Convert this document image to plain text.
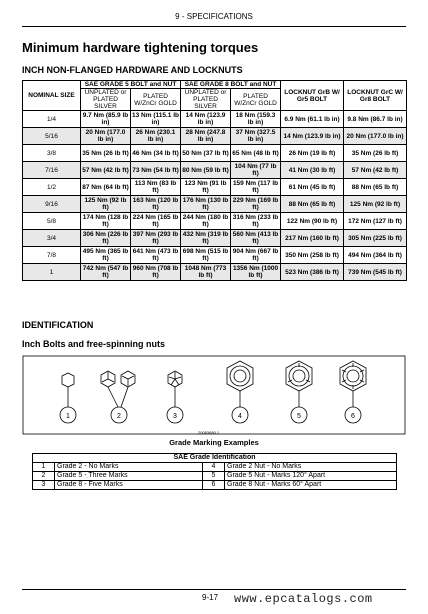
9 - SPECIFICATIONS
Minimum hardware tightening torques
INCH NON-FLANGED HARDWARE AND LOCKNUTS
NOMINAL SIZE	SAE GRADE 5 BOLT and NUT		SAE GRADE 8 BOLT and NUT		LOCKNUT GrB W/ Gr5 BOLT	LOCKNUT GrC W/ Gr8 BOLT
	UNPLATED or PLATED SILVER	PLATED W/ZnCr GOLD	UNPLATED or PLATED SILVER	PLATED W/ZnCr GOLD		
1/4	9.7 Nm (85.9 lb in)	13 Nm (115.1 lb in)	14 Nm (123.9 lb in)	18 Nm (159.3 lb in)	6.9 Nm (61.1 lb in)	9.8 Nm (86.7 lb in)
5/16	20 Nm (177.0 lb in)	26 Nm (230.1 lb in)	28 Nm (247.8 lb in)	37 Nm (327.5 lb in)	14 Nm (123.9 lb in)	20 Nm (177.0 lb in)
3/8	35 Nm (26 lb ft)	46 Nm (34 lb ft)	50 Nm (37 lb ft)	65 Nm (48 lb ft)	26 Nm (19 lb ft)	35 Nm (26 lb ft)
7/16	57 Nm (42 lb ft)	73 Nm (54 lb ft)	80 Nm (59 lb ft)	104 Nm (77 lb ft)	41 Nm (30 lb ft)	57 Nm (42 lb ft)
1/2	87 Nm (64 lb ft)	113 Nm (83 lb ft)	123 Nm (91 lb ft)	159 Nm (117 lb ft)	61 Nm (45 lb ft)	88 Nm (65 lb ft)
9/16	125 Nm (92 lb ft)	163 Nm (120 lb ft)	176 Nm (130 lb ft)	229 Nm (169 lb ft)	88 Nm (65 lb ft)	125 Nm (92 lb ft)
5/8	174 Nm (128 lb ft)	224 Nm (165 lb ft)	244 Nm (180 lb ft)	316 Nm (233 lb ft)	122 Nm (90 lb ft)	172 Nm (127 lb ft)
3/4	306 Nm (226 lb ft)	397 Nm (293 lb ft)	432 Nm (319 lb ft)	560 Nm (413 lb ft)	217 Nm (160 lb ft)	305 Nm (225 lb ft)
7/8	495 Nm (365 lb ft)	641 Nm (473 lb ft)	698 Nm (515 lb ft)	904 Nm (667 lb ft)	350 Nm (258 lb ft)	494 Nm (364 lb ft)
1	742 Nm (547 lb ft)	960 Nm (708 lb ft)	1048 Nm (773 lb ft)	1356 Nm (1000 lb ft)	523 Nm (386 lb ft)	739 Nm (545 lb ft)
IDENTIFICATION
Inch Bolts and free-spinning nuts
1	2	3	4	5	6
20083680 1
Grade Marking Examples
SAE Grade Identification			
1	Grade 2 - No Marks	4	Grade 2 Nut - No Marks
2	Grade 5 - Three Marks	5	Grade 5 Nut - Marks 120° Apart
3	Grade 8 - Five Marks	6	Grade 8 Nut - Marks 60° Apart
9-17 www.epcatalogs.com
